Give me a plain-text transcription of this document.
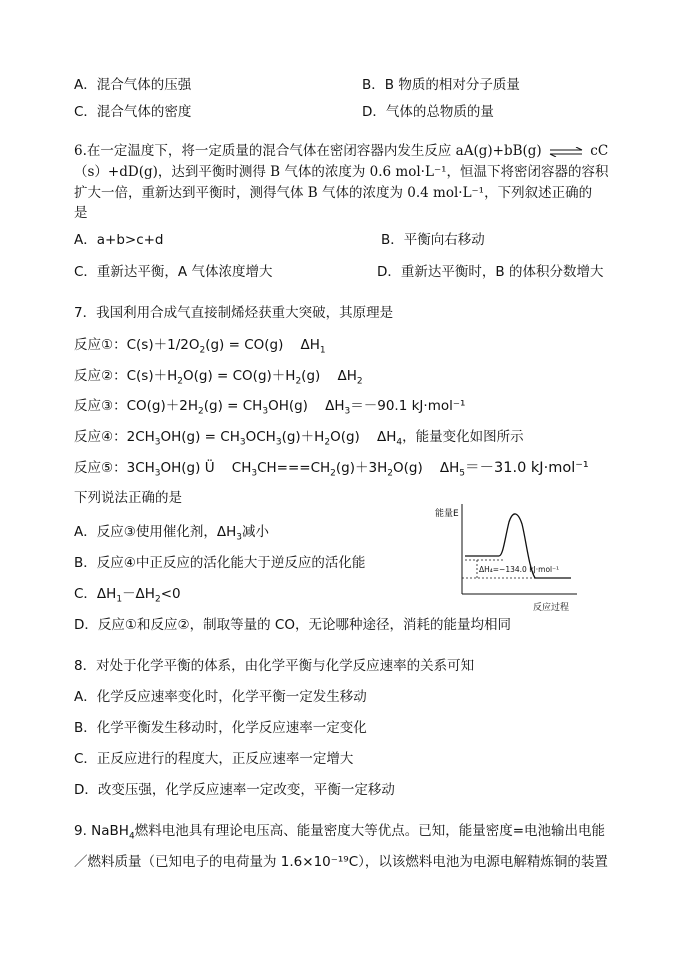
A．混合气体的压强	B．B 物质的相对分子质量
C．混合气体的密度	D．气体的总物质的量
6.在一定温度下，将一定质量的混合气体在密闭容器内发生反应 aA(g)+bB(g) ⇌ cC
（s）+dD(g)，达到平衡时测得 B 气体的浓度为 0.6 mol·L⁻¹，恒温下将密闭容器的容积
扩大一倍，重新达到平衡时，测得气体 B 气体的浓度为 0.4 mol·L⁻¹，下列叙述正确的
是
A．a+b>c+d	B．平衡向右移动
C．重新达平衡，A 气体浓度增大	D．重新达平衡时，B 的体积分数增大
7．我国利用合成气直接制烯烃获重大突破，其原理是
反应①：$C(s)+1/2O_2(g) = CO(g)$ $\Delta H_1$
反应②：$C(s)+H_2O(g) = CO(g)+H_2(g)$ $\Delta H_2$
反应③：$CO(g)+2H_2(g) = CH_3OH(g)$ $\Delta H_3=-90.1$ kJ·mol⁻¹
反应④：$2CH_3OH(g) = CH_3OCH_3(g)+H_2O(g)$ $\Delta H_4$，能量变化如图所示
反应⑤：$3CH_3OH(g)$ Ü $CH_3CH===CH_2(g)+3H_2O(g)$ $\Delta H_5=-31.0$ kJ·mol⁻¹
下列说法正确的是
A．反应③使用催化剂，$\Delta H_3$减小
B．反应④中正反应的活化能大于逆反应的活化能
C．$\Delta H_1-\Delta H_2<0$
D．反应①和反应②，制取等量的 CO，无论哪种途径，消耗的能量均相同
能量E
ΔH₄=−134.0 kJ·mol⁻¹
反应过程
8．对处于化学平衡的体系，由化学平衡与化学反应速率的关系可知
A．化学反应速率变化时，化学平衡一定发生移动
B．化学平衡发生移动时，化学反应速率一定变化
C．正反应进行的程度大，正反应速率一定增大
D．改变压强，化学反应速率一定改变，平衡一定移动
9. NaBH$_4$燃料电池具有理论电压高、能量密度大等优点。已知，能量密度=电池输出电能
／燃料质量（已知电子的电荷量为 1.6×10⁻¹⁹C），以该燃料电池为电源电解精炼铜的装置
